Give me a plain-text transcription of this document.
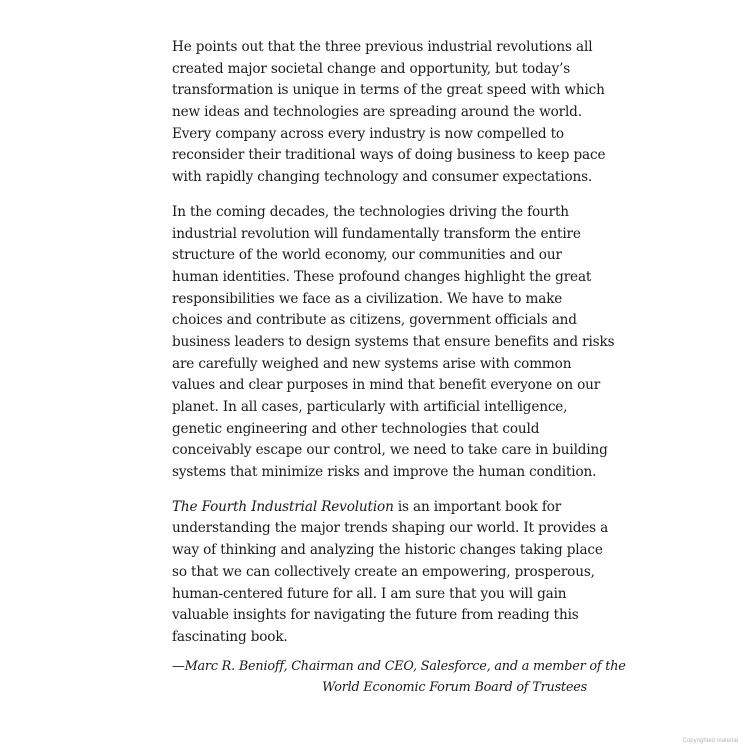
He points out that the three previous industrial revolutions all
created major societal change and opportunity, but today’s
transformation is unique in terms of the great speed with which
new ideas and technologies are spreading around the world.
Every company across every industry is now compelled to
reconsider their traditional ways of doing business to keep pace
with rapidly changing technology and consumer expectations.
In the coming decades, the technologies driving the fourth
industrial revolution will fundamentally transform the entire
structure of the world economy, our communities and our
human identities. These profound changes highlight the great
responsibilities we face as a civilization. We have to make
choices and contribute as citizens, government officials and
business leaders to design systems that ensure benefits and risks
are carefully weighed and new systems arise with common
values and clear purposes in mind that benefit everyone on our
planet. In all cases, particularly with artificial intelligence,
genetic engineering and other technologies that could
conceivably escape our control, we need to take care in building
systems that minimize risks and improve the human condition.
The Fourth Industrial Revolution is an important book for
understanding the major trends shaping our world. It provides a
way of thinking and analyzing the historic changes taking place
so that we can collectively create an empowering, prosperous,
human-centered future for all. I am sure that you will gain
valuable insights for navigating the future from reading this
fascinating book.
—Marc R. Benioff, Chairman and CEO, Salesforce, and a member of the
World Economic Forum Board of Trustees
Copyrighted material
